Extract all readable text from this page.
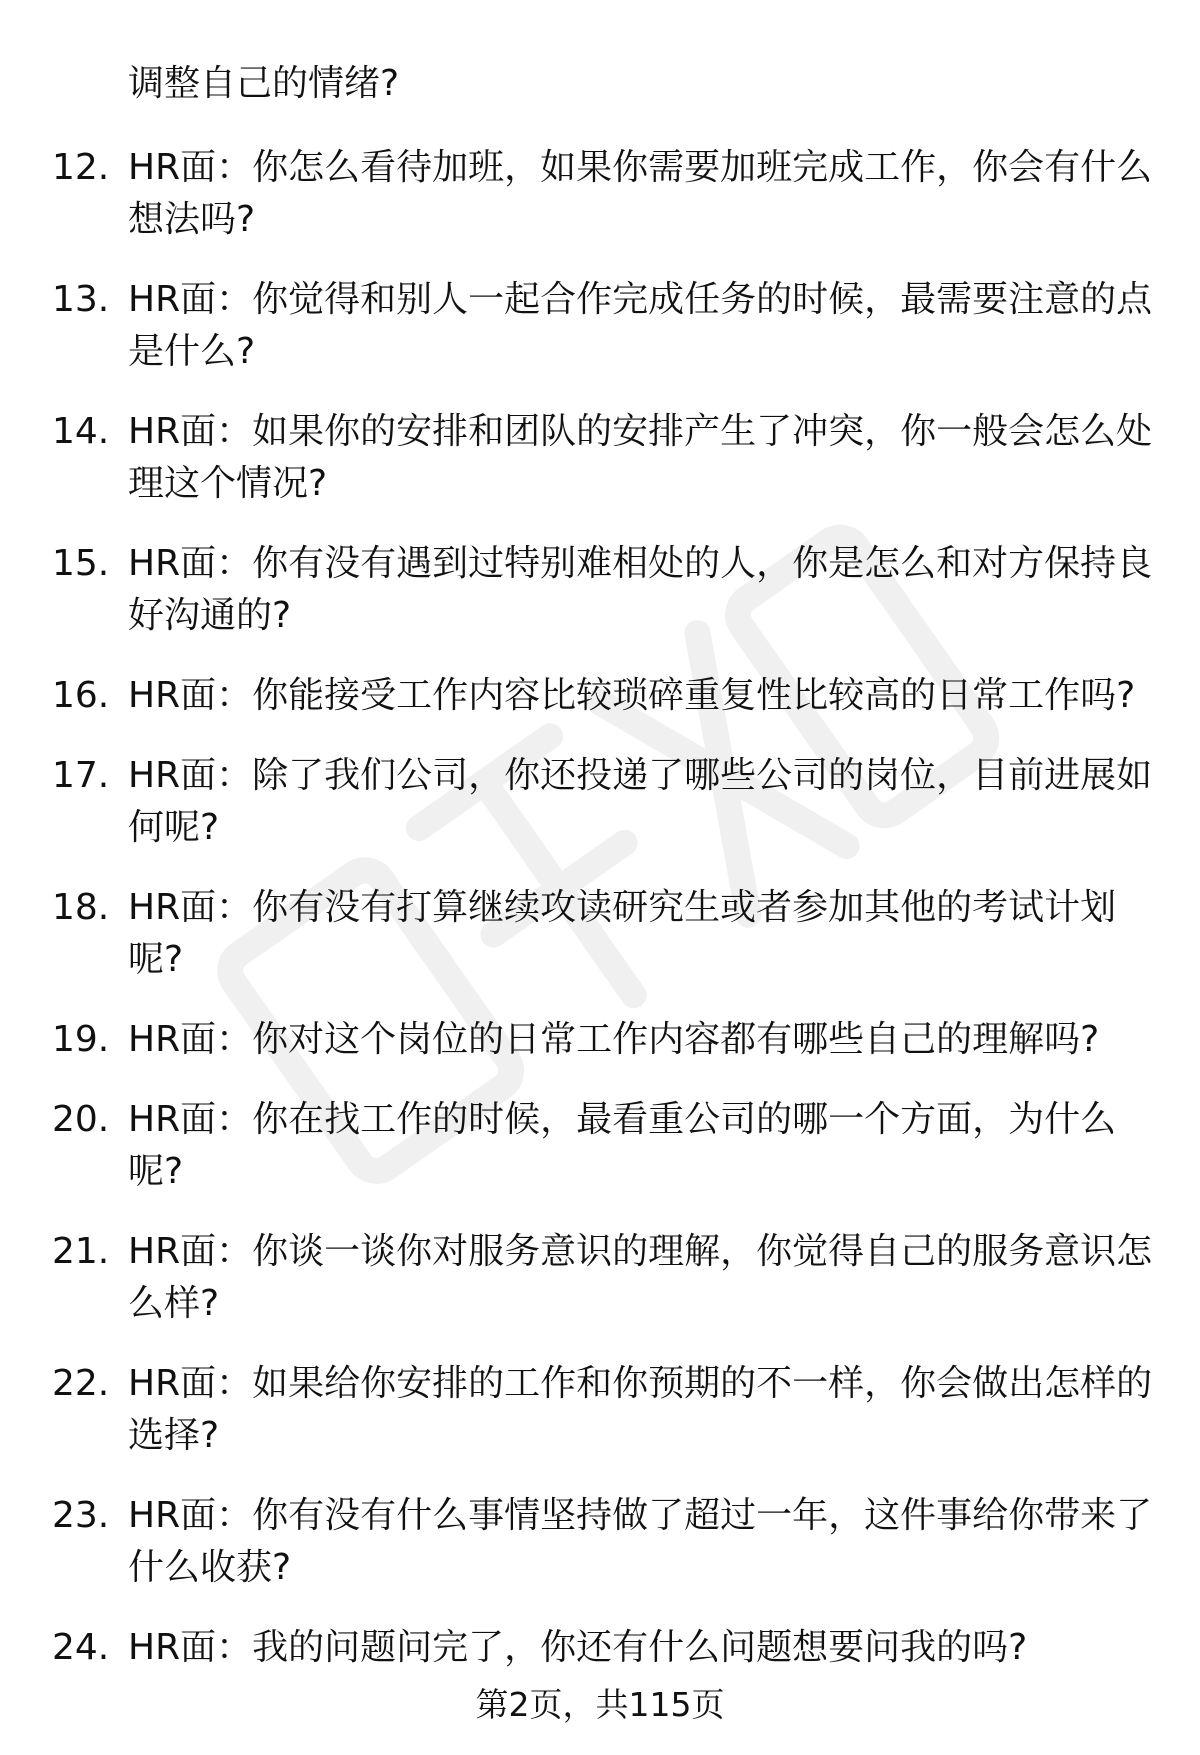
调整自己的情绪?
12. HR面：你怎么看待加班，如果你需要加班完成工作，你会有什么想法吗?
13. HR面：你觉得和别人一起合作完成任务的时候，最需要注意的点是什么?
14. HR面：如果你的安排和团队的安排产生了冲突，你一般会怎么处理这个情况?
15. HR面：你有没有遇到过特别难相处的人，你是怎么和对方保持良好沟通的?
16. HR面：你能接受工作内容比较琐碎重复性比较高的日常工作吗?
17. HR面：除了我们公司，你还投递了哪些公司的岗位，目前进展如何呢?
18. HR面：你有没有打算继续攻读研究生或者参加其他的考试计划呢?
19. HR面：你对这个岗位的日常工作内容都有哪些自己的理解吗?
20. HR面：你在找工作的时候，最看重公司的哪一个方面，为什么呢?
21. HR面：你谈一谈你对服务意识的理解，你觉得自己的服务意识怎么样?
22. HR面：如果给你安排的工作和你预期的不一样，你会做出怎样的选择?
23. HR面：你有没有什么事情坚持做了超过一年，这件事给你带来了什么收获?
24. HR面：我的问题问完了，你还有什么问题想要问我的吗?
第2页，共115页
